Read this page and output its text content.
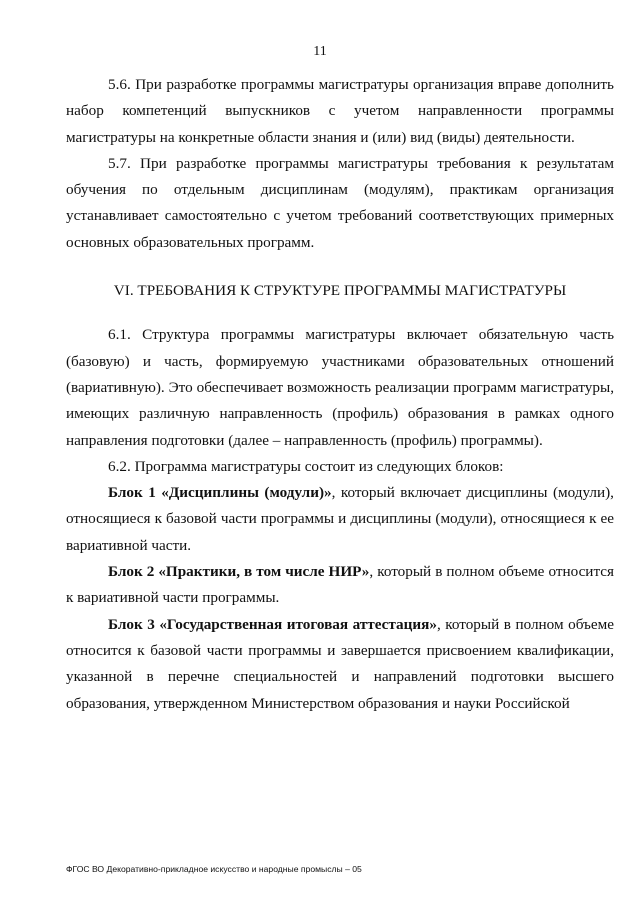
11

5.6. При разработке программы магистратуры организация вправе дополнить набор компетенций выпускников с учетом направленности программы магистратуры на конкретные области знания и (или) вид (виды) деятельности.

5.7. При разработке программы магистратуры требования к результатам обучения по отдельным дисциплинам (модулям), практикам организация устанавливает самостоятельно с учетом требований соответствующих примерных основных образовательных программ.

VI. ТРЕБОВАНИЯ К СТРУКТУРЕ ПРОГРАММЫ МАГИСТРАТУРЫ

6.1. Структура программы магистратуры включает обязательную часть (базовую) и часть, формируемую участниками образовательных отношений (вариативную). Это обеспечивает возможность реализации программ магистратуры, имеющих различную направленность (профиль) образования в рамках одного направления подготовки (далее – направленность (профиль) программы).

6.2. Программа магистратуры состоит из следующих блоков:

Блок 1 «Дисциплины (модули)», который включает дисциплины (модули), относящиеся к базовой части программы и дисциплины (модули), относящиеся к ее вариативной части.

Блок 2 «Практики, в том числе НИР», который в полном объеме относится к вариативной части программы.

Блок 3 «Государственная итоговая аттестация», который в полном объеме относится к базовой части программы и завершается присвоением квалификации, указанной в перечне специальностей и направлений подготовки высшего образования, утвержденном Министерством образования и науки Российской

ФГОС ВО Декоративно-прикладное искусство и народные промыслы – 05
